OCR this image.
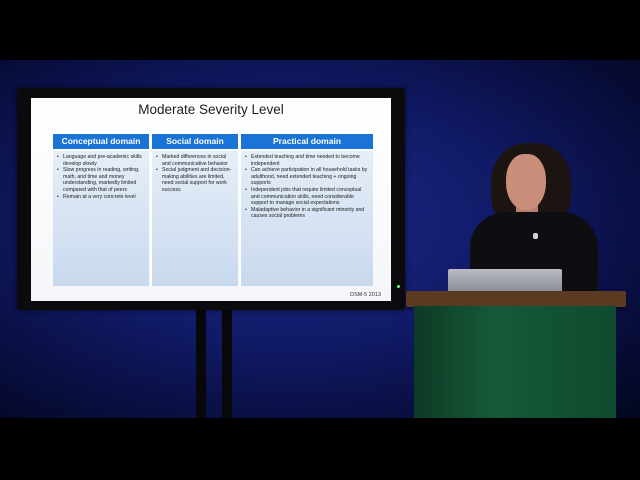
Moderate Severity Level
Conceptual domain
• Language and pre-academic skills develop slowly
• Slow progress in reading, writing, math, and time and money understanding, markedly limited compared with that of peers
• Remain at a very concrete level
Social domain
• Marked differences in social and communicative behavior
• Social judgment and decision-making abilities are limited, need social support for work success
Practical domain
• Extended teaching and time needed to become independent
• Can achieve participation in all household tasks by adulthood, need extended teaching + ongoing supports
• Independent jobs that require limited conceptual and communication skills, need considerable support to manage social expectations
• Maladaptive behavior in a significant minority and causes social problems
DSM-5 2013
